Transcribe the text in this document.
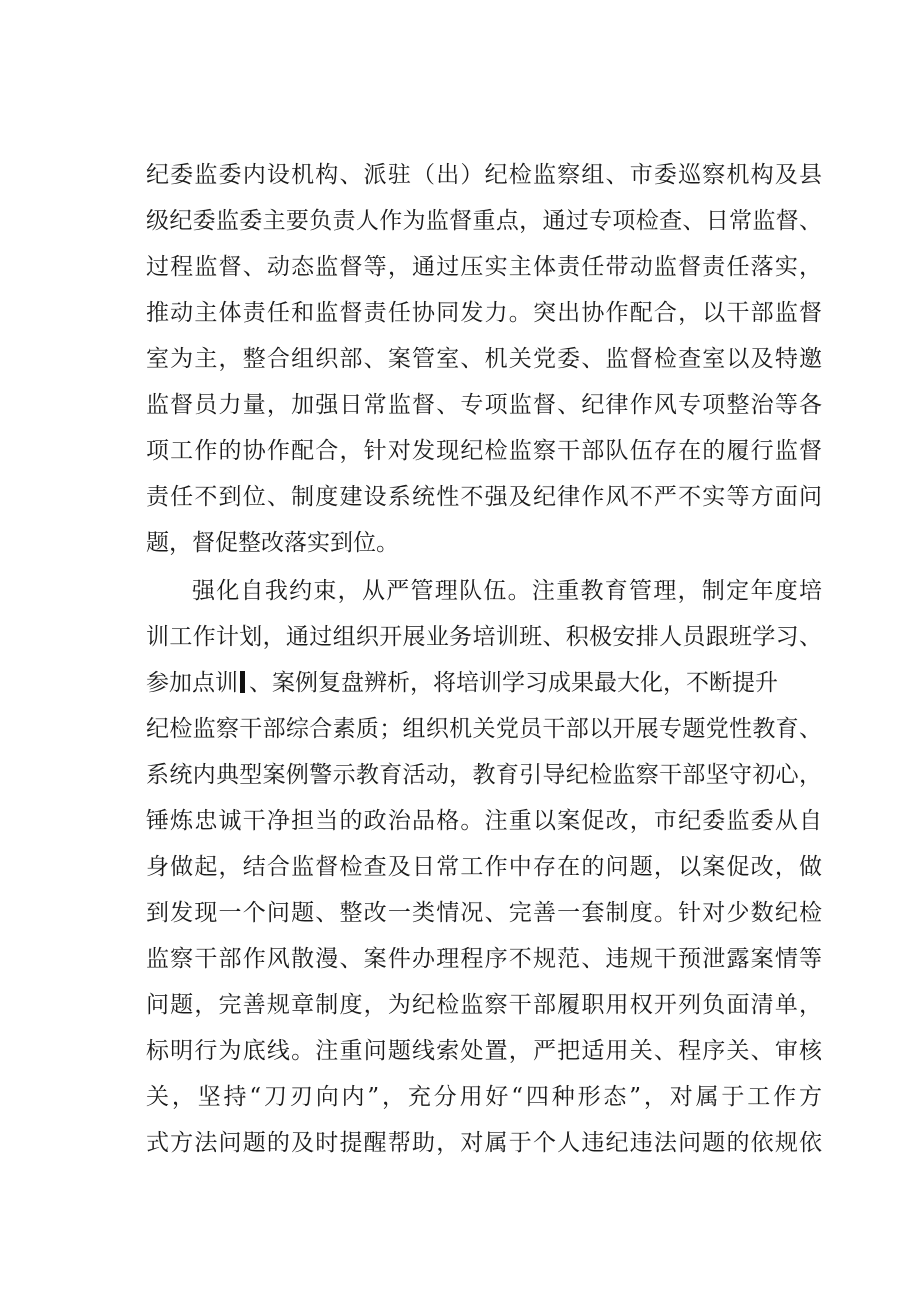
纪委监委内设机构、派驻（出）纪检监察组、市委巡察机构及县
级纪委监委主要负责人作为监督重点，通过专项检查、日常监督、
过程监督、动态监督等，通过压实主体责任带动监督责任落实，
推动主体责任和监督责任协同发力。突出协作配合，以干部监督
室为主，整合组织部、案管室、机关党委、监督检查室以及特邀
监督员力量，加强日常监督、专项监督、纪律作风专项整治等各
项工作的协作配合，针对发现纪检监察干部队伍存在的履行监督
责任不到位、制度建设系统性不强及纪律作风不严不实等方面问
题，督促整改落实到位。
强化自我约束，从严管理队伍。注重教育管理，制定年度培
训工作计划，通过组织开展业务培训班、积极安排人员跟班学习、
参加点训 、案例复盘辨析，将培训学习成果最大化，不断提升
纪检监察干部综合素质；组织机关党员干部以开展专题党性教育、
系统内典型案例警示教育活动，教育引导纪检监察干部坚守初心，
锤炼忠诚干净担当的政治品格。注重以案促改，市纪委监委从自
身做起，结合监督检查及日常工作中存在的问题，以案促改，做
到发现一个问题、整改一类情况、完善一套制度。针对少数纪检
监察干部作风散漫、案件办理程序不规范、违规干预泄露案情等
问题，完善规章制度，为纪检监察干部履职用权开列负面清单，
标明行为底线。注重问题线索处置，严把适用关、程序关、审核
关，坚持“刀刃向内”，充分用好“四种形态”，对属于工作方
式方法问题的及时提醒帮助，对属于个人违纪违法问题的依规依
